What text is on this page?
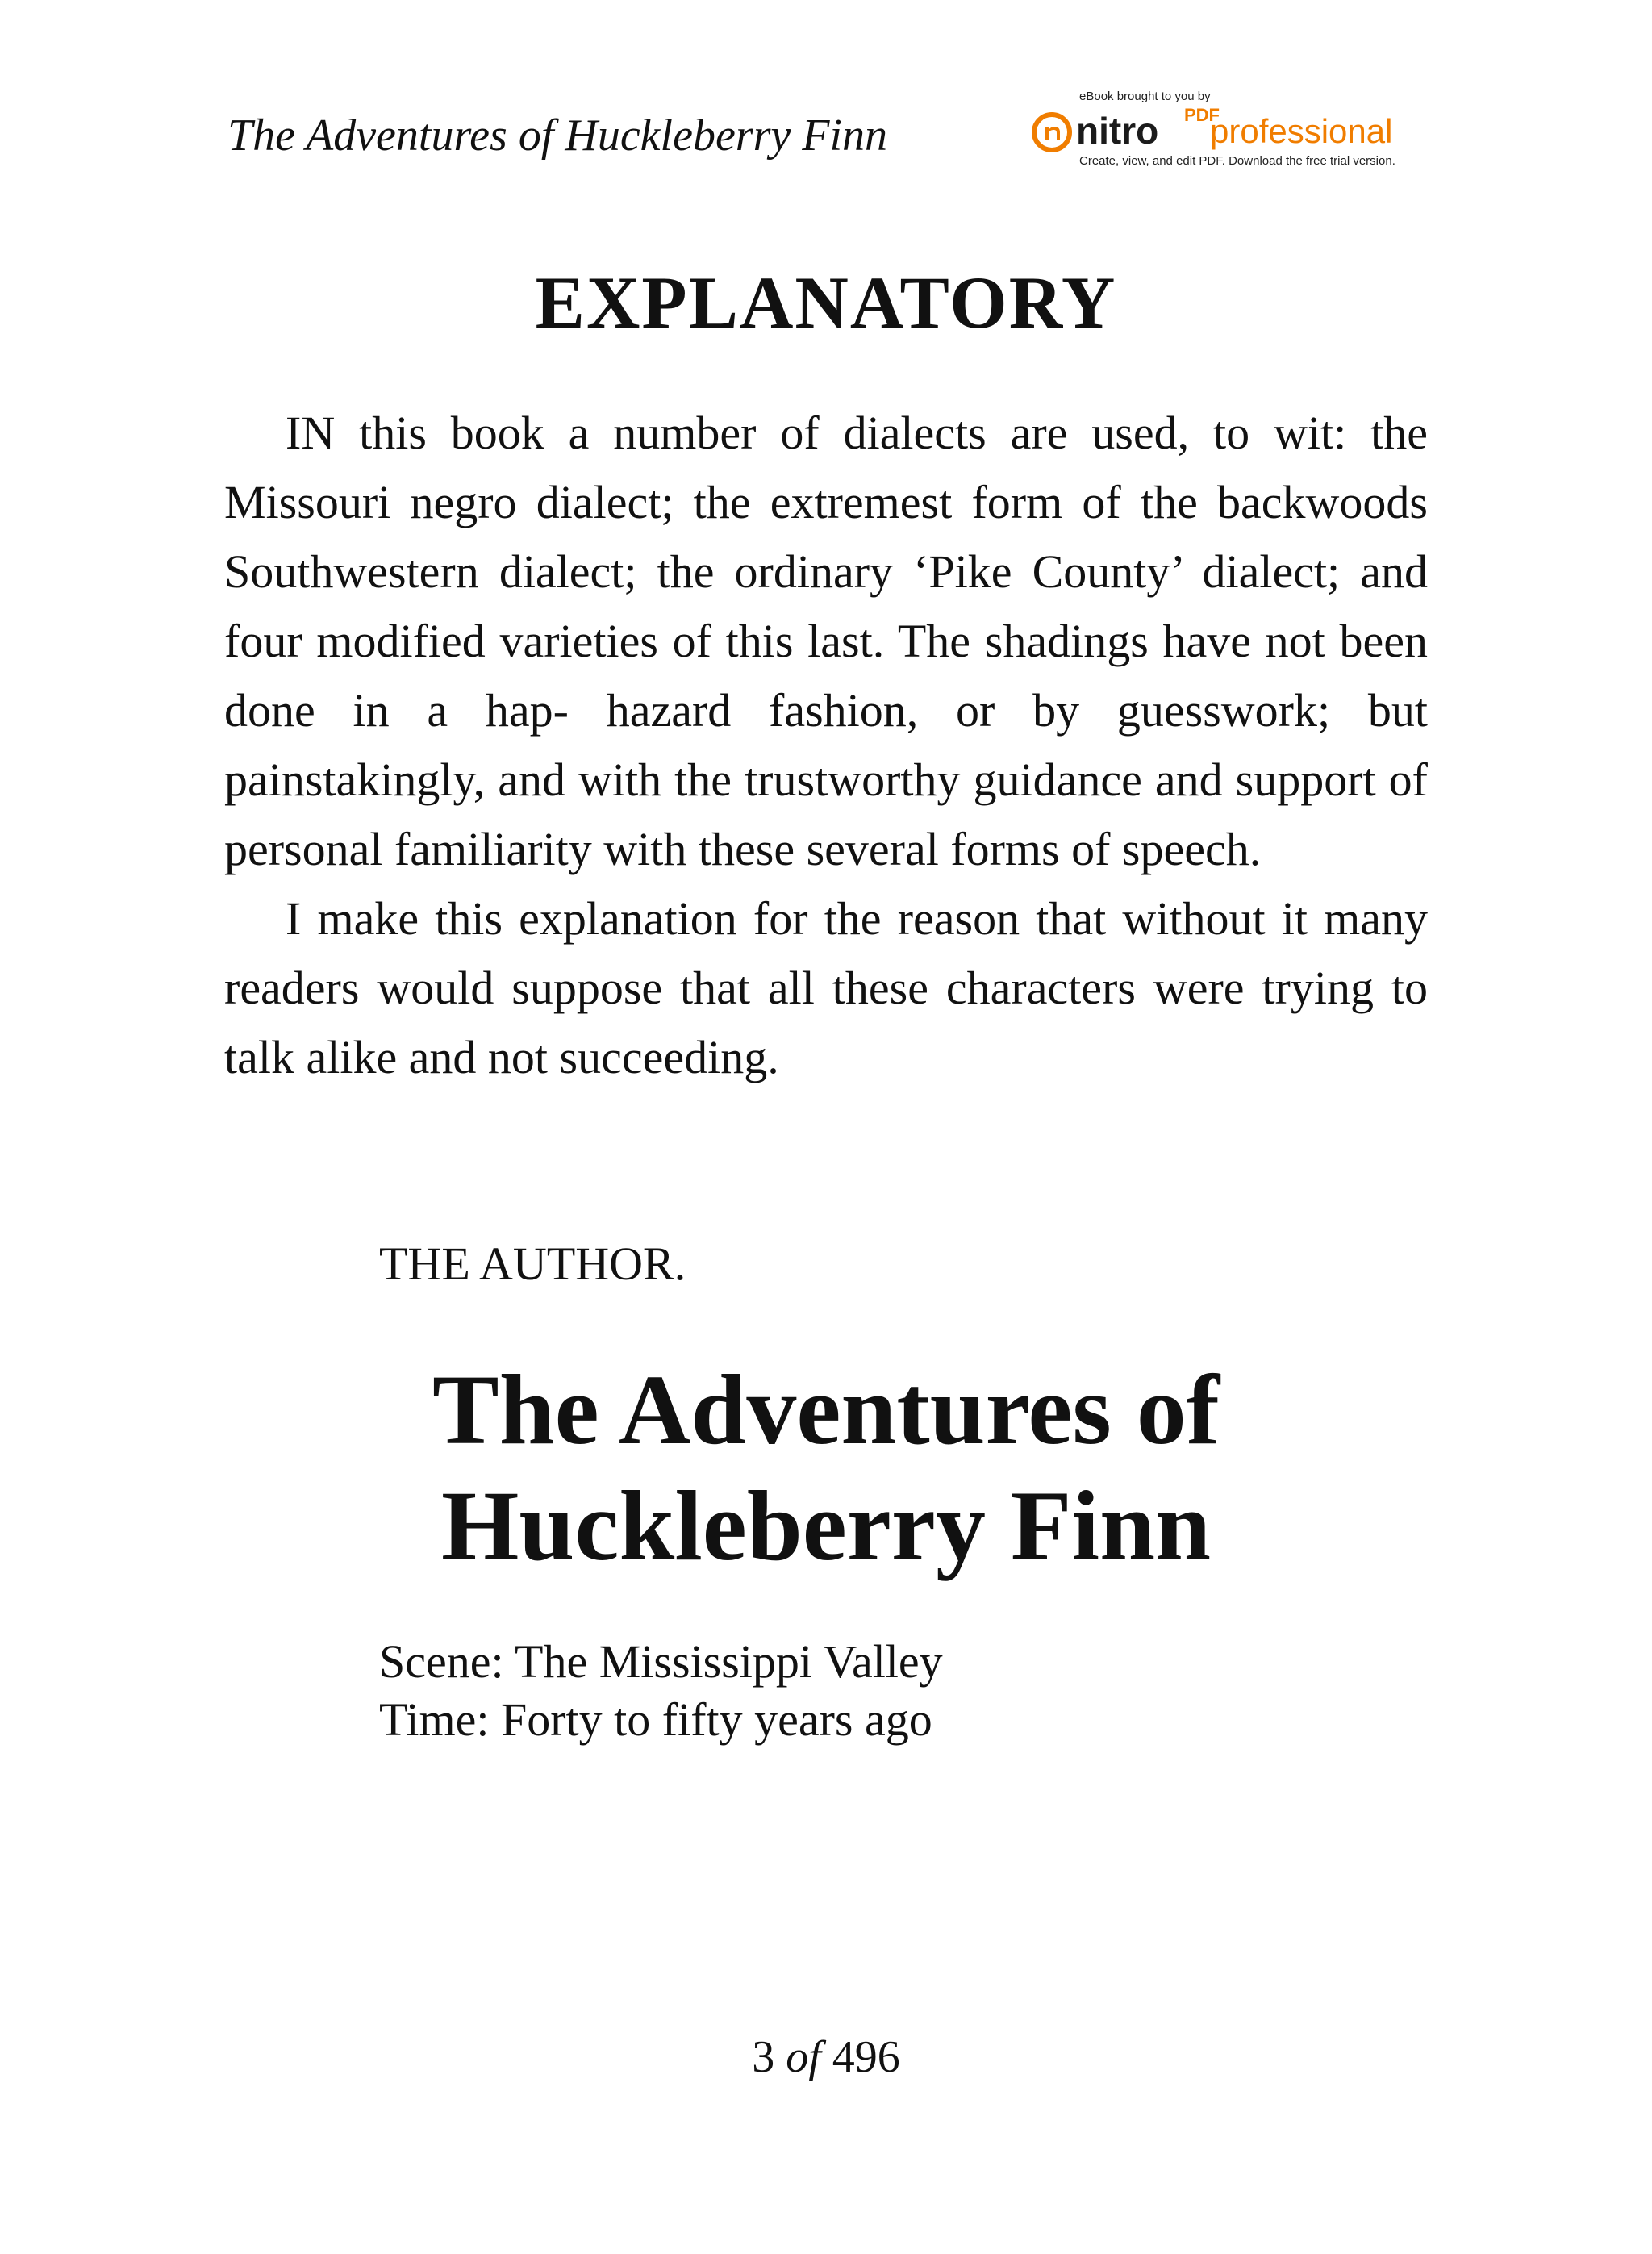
The Adventures of Huckleberry Finn
eBook brought to you by
nitro PDF
professional
Create, view, and edit PDF. Download the free trial version.
EXPLANATORY

IN this book a number of dialects are used, to wit: the Missouri negro dialect; the extremest form of the backwoods Southwestern dialect; the ordinary ‘Pike County’ dialect; and four modified varieties of this last. The shadings have not been done in a hap- hazard fashion, or by guesswork; but painstakingly, and with the trustworthy guidance and support of personal familiarity with these several forms of speech.

I make this explanation for the reason that without it many readers would suppose that all these characters were trying to talk alike and not succeeding.

THE AUTHOR.
The Adventures of
Huckleberry Finn
Scene: The Mississippi Valley
Time: Forty to fifty years ago
3 of 496
